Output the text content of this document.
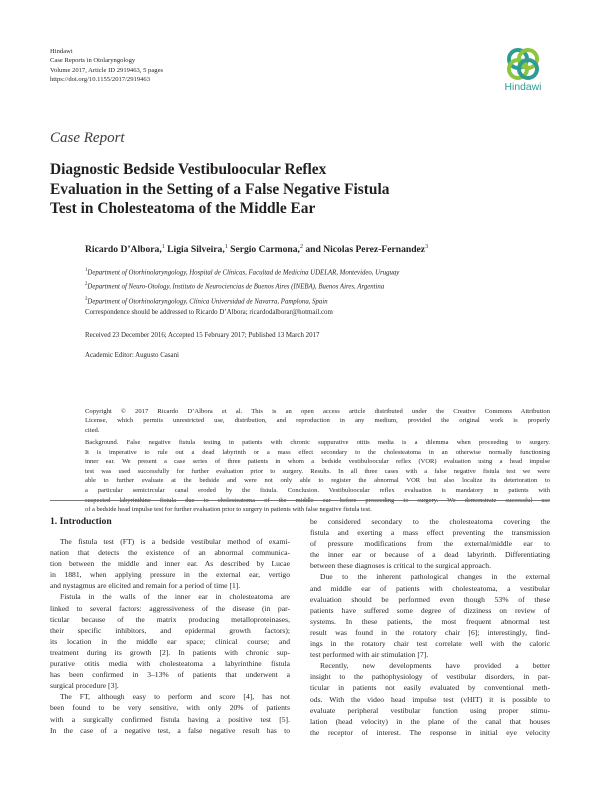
Hindawi
Case Reports in Otolaryngology
Volume 2017, Article ID 2919463, 5 pages
https://doi.org/10.1155/2017/2919463
Hindawi
Case Report
Diagnostic Bedside Vestibuloocular Reflex
Evaluation in the Setting of a False Negative Fistula
Test in Cholesteatoma of the Middle Ear
Ricardo D’Albora,$^1$ Ligia Silveira,$^1$ Sergio Carmona,$^2$ and Nicolas Perez-Fernandez$^3$
$^1$Department of Otorhinolaryngology, Hospital de Clínicas, Facultad de Medicina UDELAR, Montevideo, Uruguay
$^2$Department of Neuro-Otology, Instituto de Neurociencias de Buenos Aires (INEBA), Buenos Aires, Argentina
$^3$Department of Otorhinolaryngology, Clínica Universidad de Navarra, Pamplona, Spain
Correspondence should be addressed to Ricardo D’Albora; ricardodalborar@hotmail.com
Received 23 December 2016; Accepted 15 February 2017; Published 13 March 2017
Academic Editor: Augusto Casani
Copyright © 2017 Ricardo D’Albora et al. This is an open access article distributed under the Creative Commons Attribution
License, which permits unrestricted use, distribution, and reproduction in any medium, provided the original work is properly
cited.
Background. False negative fistula testing in patients with chronic suppurative otitis media is a dilemma when proceeding to surgery.
It is imperative to rule out a dead labyrinth or a mass effect secondary to the cholesteatoma in an otherwise normally functioning
inner ear. We present a case series of three patients in whom a bedside vestibuloocular reflex (VOR) evaluation using a head impulse
test was used successfully for further evaluation prior to surgery. Results. In all three cases with a false negative fistula test we were
able to further evaluate at the bedside and were not only able to register the abnormal VOR but also localize its deterioration to
a particular semicircular canal eroded by the fistula. Conclusion. Vestibuloocular reflex evaluation is mandatory in patients with
suspected labyrinthine fistula due to cholesteatoma of the middle ear before proceeding to surgery. We demonstrate successful use
of a bedside head impulse test for further evaluation prior to surgery in patients with false negative fistula test.
1. Introduction
The fistula test (FT) is a bedside vestibular method of exami-
nation that detects the existence of an abnormal communica-
tion between the middle and inner ear. As described by Lucae
in 1881, when applying pressure in the external ear, vertigo
and nystagmus are elicited and remain for a period of time [1].
Fistula in the walls of the inner ear in cholesteatoma are
linked to several factors: aggressiveness of the disease (in par-
ticular because of the matrix producing metalloproteinases,
their specific inhibitors, and epidermal growth factors);
its location in the middle ear space; clinical course; and
treatment during its growth [2]. In patients with chronic sup-
purative otitis media with cholesteatoma a labyrinthine fistula
has been confirmed in 3–13% of patients that underwent a
surgical procedure [3].
The FT, although easy to perform and score [4], has not
been found to be very sensitive, with only 20% of patients
with a surgically confirmed fistula having a positive test [5].
In the case of a negative test, a false negative result has to
be considered secondary to the cholesteatoma covering the
fistula and exerting a mass effect preventing the transmission
of pressure modifications from the external/middle ear to
the inner ear or because of a dead labyrinth. Differentiating
between these diagnoses is critical to the surgical approach.
Due to the inherent pathological changes in the external
and middle ear of patients with cholesteatoma, a vestibular
evaluation should be performed even though 53% of these
patients have suffered some degree of dizziness on review of
systems. In these patients, the most frequent abnormal test
result was found in the rotatory chair [6]; interestingly, find-
ings in the rotatory chair test correlate well with the caloric
test performed with air stimulation [7].
Recently, new developments have provided a better
insight to the pathophysiology of vestibular disorders, in par-
ticular in patients not easily evaluated by conventional meth-
ods. With the video head impulse test (vHIT) it is possible to
evaluate peripheral vestibular function using proper stimu-
lation (head velocity) in the plane of the canal that houses
the receptor of interest. The response in initial eye velocity
